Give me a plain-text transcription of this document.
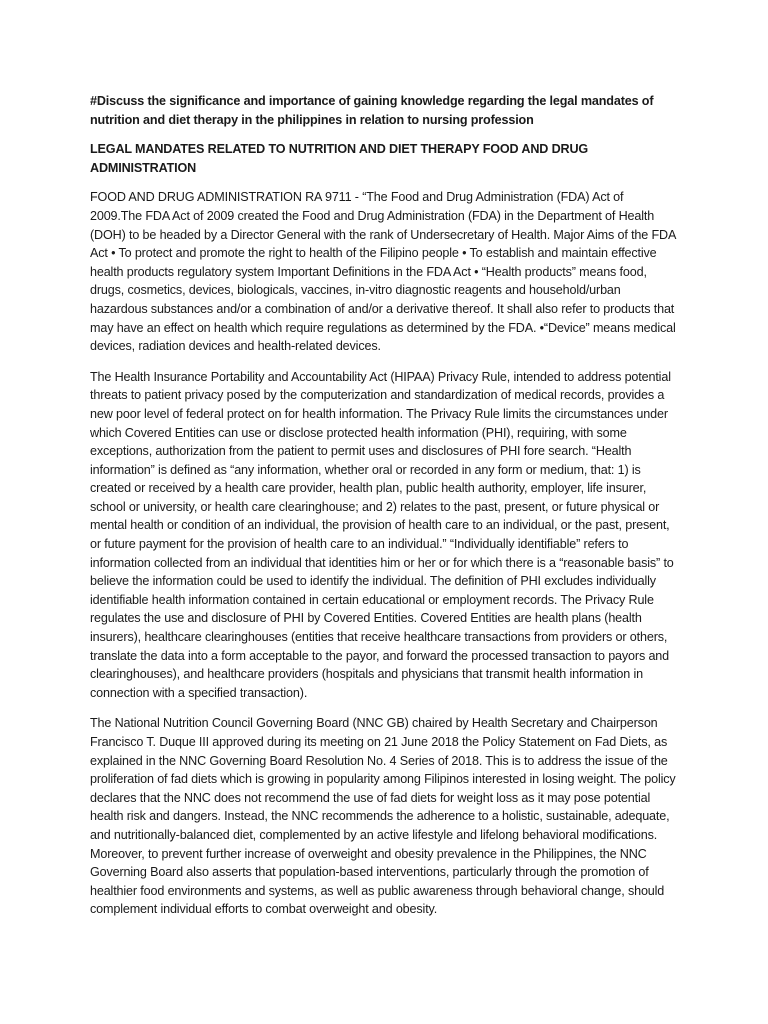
#Discuss the significance and importance of gaining knowledge regarding the legal mandates of nutrition and diet therapy in the philippines in relation to nursing profession

LEGAL MANDATES RELATED TO NUTRITION AND DIET THERAPY FOOD AND DRUG ADMINISTRATION

FOOD AND DRUG ADMINISTRATION RA 9711 - “The Food and Drug Administration (FDA) Act of 2009.The FDA Act of 2009 created the Food and Drug Administration (FDA) in the Department of Health (DOH) to be headed by a Director General with the rank of Undersecretary of Health. Major Aims of the FDA Act • To protect and promote the right to health of the Filipino people • To establish and maintain effective health products regulatory system Important Definitions in the FDA Act • “Health products” means food, drugs, cosmetics, devices, biologicals, vaccines, in-vitro diagnostic reagents and household/urban hazardous substances and/or a combination of and/or a derivative thereof. It shall also refer to products that may have an effect on health which require regulations as determined by the FDA. •“Device” means medical devices, radiation devices and health-related devices.

The Health Insurance Portability and Accountability Act (HIPAA) Privacy Rule, intended to address potential threats to patient privacy posed by the computerization and standardization of medical records, provides a new poor level of federal protect on for health information. The Privacy Rule limits the circumstances under which Covered Entities can use or disclose protected health information (PHI), requiring, with some exceptions, authorization from the patient to permit uses and disclosures of PHI fore search. “Health information” is defined as “any information, whether oral or recorded in any form or medium, that: 1) is created or received by a health care provider, health plan, public health authority, employer, life insurer, school or university, or health care clearinghouse; and 2) relates to the past, present, or future physical or mental health or condition of an individual, the provision of health care to an individual, or the past, present, or future payment for the provision of health care to an individual.” “Individually identifiable” refers to information collected from an individual that identities him or her or for which there is a “reasonable basis” to believe the information could be used to identify the individual. The definition of PHI excludes individually identifiable health information contained in certain educational or employment records. The Privacy Rule regulates the use and disclosure of PHI by Covered Entities. Covered Entities are health plans (health insurers), healthcare clearinghouses (entities that receive healthcare transactions from providers or others, translate the data into a form acceptable to the payor, and forward the processed transaction to payors and clearinghouses), and healthcare providers (hospitals and physicians that transmit health information in connection with a specified transaction).

The National Nutrition Council Governing Board (NNC GB) chaired by Health Secretary and Chairperson Francisco T. Duque III approved during its meeting on 21 June 2018 the Policy Statement on Fad Diets, as explained in the NNC Governing Board Resolution No. 4 Series of 2018. This is to address the issue of the proliferation of fad diets which is growing in popularity among Filipinos interested in losing weight. The policy declares that the NNC does not recommend the use of fad diets for weight loss as it may pose potential health risk and dangers. Instead, the NNC recommends the adherence to a holistic, sustainable, adequate, and nutritionally-balanced diet, complemented by an active lifestyle and lifelong behavioral modifications. Moreover, to prevent further increase of overweight and obesity prevalence in the Philippines, the NNC Governing Board also asserts that population-based interventions, particularly through the promotion of healthier food environments and systems, as well as public awareness through behavioral change, should complement individual efforts to combat overweight and obesity.
